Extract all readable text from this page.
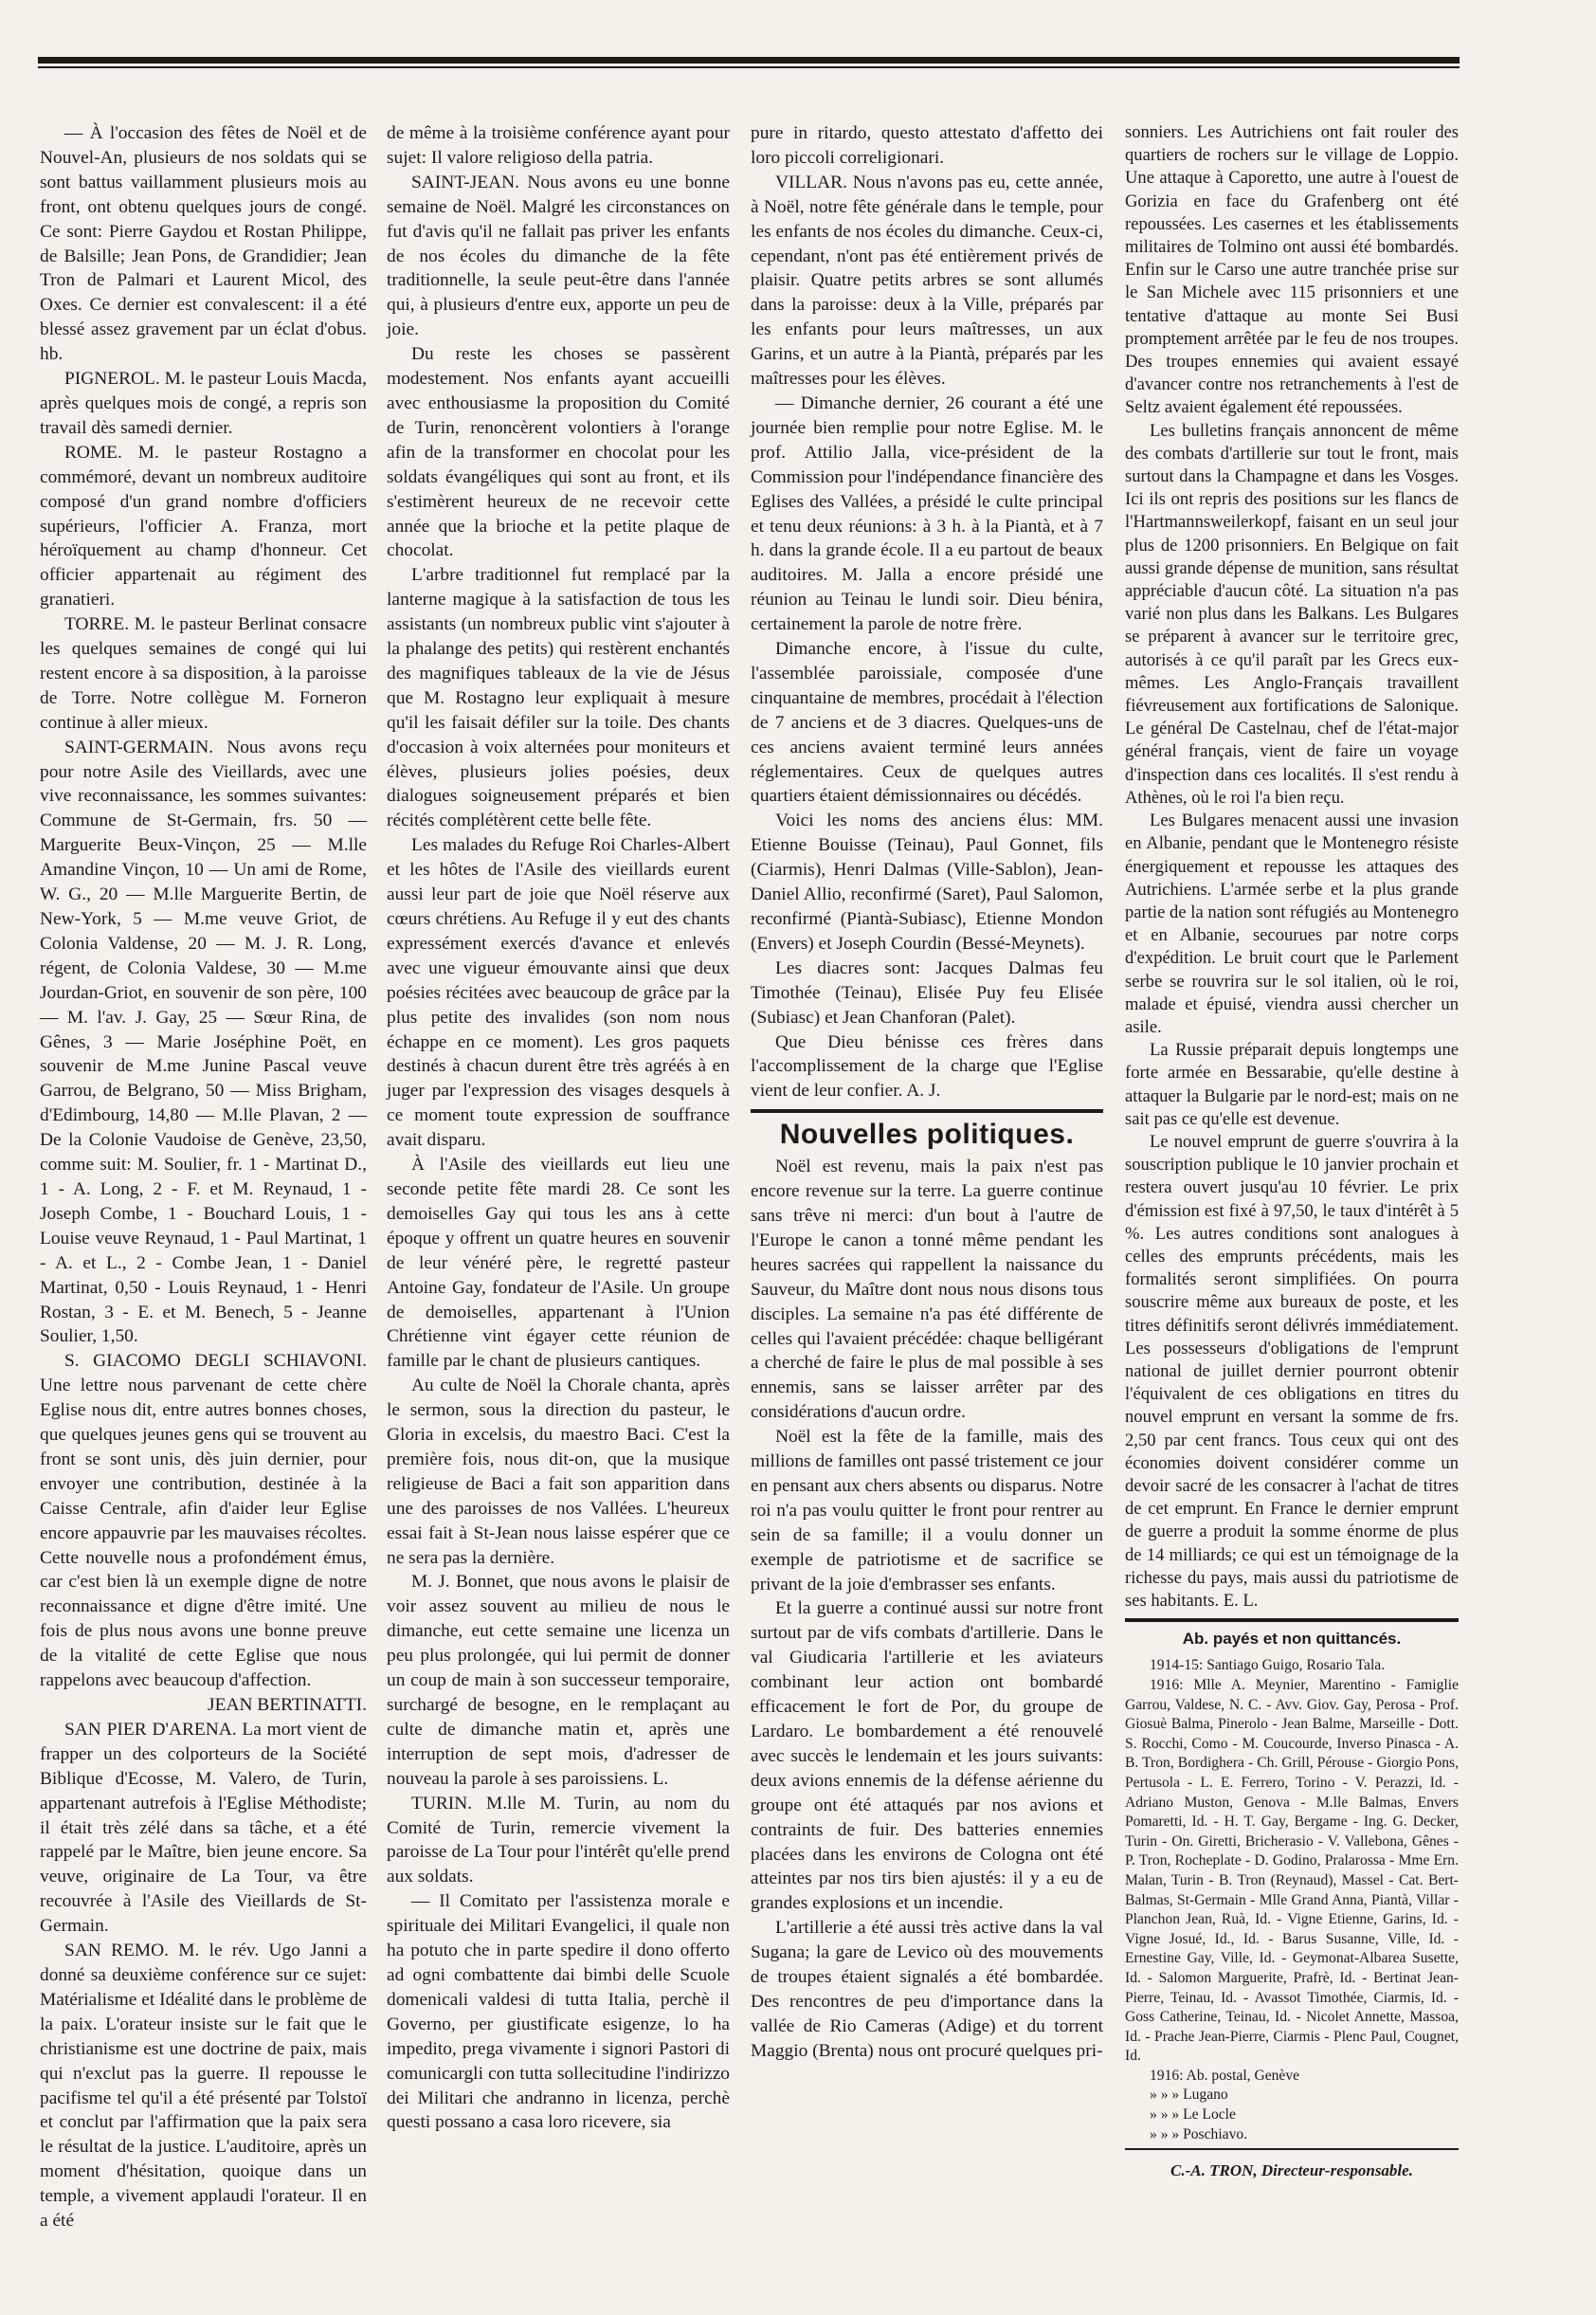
— À l'occasion des fêtes de Noël et de Nouvel-An, plusieurs de nos soldats qui se sont battus vaillamment plusieurs mois au front, ont obtenu quelques jours de congé. Ce sont: Pierre Gaydou et Rostan Philippe, de Balsille; Jean Pons, de Grandidier; Jean Tron de Palmari et Laurent Micol, des Oxes. Ce dernier est convalescent: il a été blessé assez gravement par un éclat d'obus. hb.

PIGNEROL. M. le pasteur Louis Macda, après quelques mois de congé, a repris son travail dès samedi dernier.

ROME. M. le pasteur Rostagno a commémoré, devant un nombreux auditoire composé d'un grand nombre d'officiers supérieurs, l'officier A. Franza, mort héroïquement au champ d'honneur. Cet officier appartenait au régiment des granatieri.

TORRE. M. le pasteur Berlinat consacre les quelques semaines de congé qui lui restent encore à sa disposition, à la paroisse de Torre. Notre collègue M. Forneron continue à aller mieux.

SAINT-GERMAIN. Nous avons reçu pour notre Asile des Vieillards, avec une vive reconnaissance, les sommes suivantes: Commune de St-Germain, frs. 50 — Marguerite Beux-Vinçon, 25 — M.lle Amandine Vinçon, 10 — Un ami de Rome, W. G., 20 — M.lle Marguerite Bertin, de New-York, 5 — M.me veuve Griot, de Colonia Valdense, 20 — M. J. R. Long, régent, de Colonia Valdese, 30 — M.me Jourdan-Griot, en souvenir de son père, 100 — M. l'av. J. Gay, 25 — Sœur Rina, de Gênes, 3 — Marie Joséphine Poët, en souvenir de M.me Junine Pascal veuve Garrou, de Belgrano, 50 — Miss Brigham, d'Edimbourg, 14,80 — M.lle Plavan, 2 — De la Colonie Vaudoise de Genève, 23,50, comme suit: M. Soulier, fr. 1 - Martinat D., 1 - A. Long, 2 - F. et M. Reynaud, 1 - Joseph Combe, 1 - Bouchard Louis, 1 - Louise veuve Reynaud, 1 - Paul Martinat, 1 - A. et L., 2 - Combe Jean, 1 - Daniel Martinat, 0,50 - Louis Reynaud, 1 - Henri Rostan, 3 - E. et M. Benech, 5 - Jeanne Soulier, 1,50.

S. GIACOMO DEGLI SCHIAVONI. Une lettre nous parvenant de cette chère Eglise nous dit, entre autres bonnes choses, que quelques jeunes gens qui se trouvent au front se sont unis, dès juin dernier, pour envoyer une contribution, destinée à la Caisse Centrale, afin d'aider leur Eglise encore appauvrie par les mauvaises récoltes. Cette nouvelle nous a profondément émus, car c'est bien là un exemple digne de notre reconnaissance et digne d'être imité. Une fois de plus nous avons une bonne preuve de la vitalité de cette Eglise que nous rappelons avec beaucoup d'affection.

JEAN BERTINATTI.

SAN PIER D'ARENA. La mort vient de frapper un des colporteurs de la Société Biblique d'Ecosse, M. Valero, de Turin, appartenant autrefois à l'Eglise Méthodiste; il était très zélé dans sa tâche, et a été rappelé par le Maître, bien jeune encore. Sa veuve, originaire de La Tour, va être recouvrée à l'Asile des Vieillards de St-Germain.

SAN REMO. M. le rév. Ugo Janni a donné sa deuxième conférence sur ce sujet: Matérialisme et Idéalité dans le problème de la paix. L'orateur insiste sur le fait que le christianisme est une doctrine de paix, mais qui n'exclut pas la guerre. Il repousse le pacifisme tel qu'il a été présenté par Tolstoï et conclut par l'affirmation que la paix sera le résultat de la justice. L'auditoire, après un moment d'hésitation, quoique dans un temple, a vivement applaudi l'orateur. Il en a été

de même à la troisième conférence ayant pour sujet: Il valore religioso della patria.

SAINT-JEAN. Nous avons eu une bonne semaine de Noël. Malgré les circonstances on fut d'avis qu'il ne fallait pas priver les enfants de nos écoles du dimanche de la fête traditionnelle, la seule peut-être dans l'année qui, à plusieurs d'entre eux, apporte un peu de joie.

Du reste les choses se passèrent modestement. Nos enfants ayant accueilli avec enthousiasme la proposition du Comité de Turin, renoncèrent volontiers à l'orange afin de la transformer en chocolat pour les soldats évangéliques qui sont au front, et ils s'estimèrent heureux de ne recevoir cette année que la brioche et la petite plaque de chocolat.

L'arbre traditionnel fut remplacé par la lanterne magique à la satisfaction de tous les assistants (un nombreux public vint s'ajouter à la phalange des petits) qui restèrent enchantés des magnifiques tableaux de la vie de Jésus que M. Rostagno leur expliquait à mesure qu'il les faisait défiler sur la toile. Des chants d'occasion à voix alternées pour moniteurs et élèves, plusieurs jolies poésies, deux dialogues soigneusement préparés et bien récités complétèrent cette belle fête.

Les malades du Refuge Roi Charles-Albert et les hôtes de l'Asile des vieillards eurent aussi leur part de joie que Noël réserve aux cœurs chrétiens. Au Refuge il y eut des chants expressément exercés d'avance et enlevés avec une vigueur émouvante ainsi que deux poésies récitées avec beaucoup de grâce par la plus petite des invalides (son nom nous échappe en ce moment). Les gros paquets destinés à chacun durent être très agréés à en juger par l'expression des visages desquels à ce moment toute expression de souffrance avait disparu.

À l'Asile des vieillards eut lieu une seconde petite fête mardi 28. Ce sont les demoiselles Gay qui tous les ans à cette époque y offrent un quatre heures en souvenir de leur vénéré père, le regretté pasteur Antoine Gay, fondateur de l'Asile. Un groupe de demoiselles, appartenant à l'Union Chrétienne vint égayer cette réunion de famille par le chant de plusieurs cantiques.

Au culte de Noël la Chorale chanta, après le sermon, sous la direction du pasteur, le Gloria in excelsis, du maestro Baci. C'est la première fois, nous dit-on, que la musique religieuse de Baci a fait son apparition dans une des paroisses de nos Vallées. L'heureux essai fait à St-Jean nous laisse espérer que ce ne sera pas la dernière.

M. J. Bonnet, que nous avons le plaisir de voir assez souvent au milieu de nous le dimanche, eut cette semaine une licenza un peu plus prolongée, qui lui permit de donner un coup de main à son successeur temporaire, surchargé de besogne, en le remplaçant au culte de dimanche matin et, après une interruption de sept mois, d'adresser de nouveau la parole à ses paroissiens. L.

TURIN. M.lle M. Turin, au nom du Comité de Turin, remercie vivement la paroisse de La Tour pour l'intérêt qu'elle prend aux soldats.

— Il Comitato per l'assistenza morale e spirituale dei Militari Evangelici, il quale non ha potuto che in parte spedire il dono offerto ad ogni combattente dai bimbi delle Scuole domenicali valdesi di tutta Italia, perchè il Governo, per giustificate esigenze, lo ha impedito, prega vivamente i signori Pastori di comunicargli con tutta sollecitudine l'indirizzo dei Militari che andranno in licenza, perchè questi possano a casa loro ricevere, sia

pure in ritardo, questo attestato d'affetto dei loro piccoli correligionari.

VILLAR. Nous n'avons pas eu, cette année, à Noël, notre fête générale dans le temple, pour les enfants de nos écoles du dimanche. Ceux-ci, cependant, n'ont pas été entièrement privés de plaisir. Quatre petits arbres se sont allumés dans la paroisse: deux à la Ville, préparés par les enfants pour leurs maîtresses, un aux Garins, et un autre à la Piantà, préparés par les maîtresses pour les élèves.

— Dimanche dernier, 26 courant a été une journée bien remplie pour notre Eglise. M. le prof. Attilio Jalla, vice-président de la Commission pour l'indépendance financière des Eglises des Vallées, a présidé le culte principal et tenu deux réunions: à 3 h. à la Piantà, et à 7 h. dans la grande école. Il a eu partout de beaux auditoires. M. Jalla a encore présidé une réunion au Teinau le lundi soir. Dieu bénira, certainement la parole de notre frère.

Dimanche encore, à l'issue du culte, l'assemblée paroissiale, composée d'une cinquantaine de membres, procédait à l'élection de 7 anciens et de 3 diacres. Quelques-uns de ces anciens avaient terminé leurs années réglementaires. Ceux de quelques autres quartiers étaient démissionnaires ou décédés.

Voici les noms des anciens élus: MM. Etienne Bouisse (Teinau), Paul Gonnet, fils (Ciarmis), Henri Dalmas (Ville-Sablon), Jean-Daniel Allio, reconfirmé (Saret), Paul Salomon, reconfirmé (Piantà-Subiasc), Etienne Mondon (Envers) et Joseph Courdin (Bessé-Meynets).

Les diacres sont: Jacques Dalmas feu Timothée (Teinau), Elisée Puy feu Elisée (Subiasc) et Jean Chanforan (Palet).

Que Dieu bénisse ces frères dans l'accomplissement de la charge que l'Eglise vient de leur confier. A. J.

Nouvelles politiques.

Noël est revenu, mais la paix n'est pas encore revenue sur la terre. La guerre continue sans trêve ni merci: d'un bout à l'autre de l'Europe le canon a tonné même pendant les heures sacrées qui rappellent la naissance du Sauveur, du Maître dont nous nous disons tous disciples. La semaine n'a pas été différente de celles qui l'avaient précédée: chaque belligérant a cherché de faire le plus de mal possible à ses ennemis, sans se laisser arrêter par des considérations d'aucun ordre.

Noël est la fête de la famille, mais des millions de familles ont passé tristement ce jour en pensant aux chers absents ou disparus. Notre roi n'a pas voulu quitter le front pour rentrer au sein de sa famille; il a voulu donner un exemple de patriotisme et de sacrifice se privant de la joie d'embrasser ses enfants.

Et la guerre a continué aussi sur notre front surtout par de vifs combats d'artillerie. Dans le val Giudicaria l'artillerie et les aviateurs combinant leur action ont bombardé efficacement le fort de Por, du groupe de Lardaro. Le bombardement a été renouvelé avec succès le lendemain et les jours suivants: deux avions ennemis de la défense aérienne du groupe ont été attaqués par nos avions et contraints de fuir. Des batteries ennemies placées dans les environs de Cologna ont été atteintes par nos tirs bien ajustés: il y a eu de grandes explosions et un incendie.

L'artillerie a été aussi très active dans la val Sugana; la gare de Levico où des mouvements de troupes étaient signalés a été bombardée. Des rencontres de peu d'importance dans la vallée de Rio Cameras (Adige) et du torrent Maggio (Brenta) nous ont procuré quelques pri-

sonniers. Les Autrichiens ont fait rouler des quartiers de rochers sur le village de Loppio. Une attaque à Caporetto, une autre à l'ouest de Gorizia en face du Grafenberg ont été repoussées. Les casernes et les établissements militaires de Tolmino ont aussi été bombardés. Enfin sur le Carso une autre tranchée prise sur le San Michele avec 115 prisonniers et une tentative d'attaque au monte Sei Busi promptement arrêtée par le feu de nos troupes. Des troupes ennemies qui avaient essayé d'avancer contre nos retranchements à l'est de Seltz avaient également été repoussées.

Les bulletins français annoncent de même des combats d'artillerie sur tout le front, mais surtout dans la Champagne et dans les Vosges. Ici ils ont repris des positions sur les flancs de l'Hartmannsweilerkopf, faisant en un seul jour plus de 1200 prisonniers. En Belgique on fait aussi grande dépense de munition, sans résultat appréciable d'aucun côté. La situation n'a pas varié non plus dans les Balkans. Les Bulgares se préparent à avancer sur le territoire grec, autorisés à ce qu'il paraît par les Grecs eux-mêmes. Les Anglo-Français travaillent fiévreusement aux fortifications de Salonique. Le général De Castelnau, chef de l'état-major général français, vient de faire un voyage d'inspection dans ces localités. Il s'est rendu à Athènes, où le roi l'a bien reçu.

Les Bulgares menacent aussi une invasion en Albanie, pendant que le Montenegro résiste énergiquement et repousse les attaques des Autrichiens. L'armée serbe et la plus grande partie de la nation sont réfugiés au Montenegro et en Albanie, secourues par notre corps d'expédition. Le bruit court que le Parlement serbe se rouvrira sur le sol italien, où le roi, malade et épuisé, viendra aussi chercher un asile.

La Russie préparait depuis longtemps une forte armée en Bessarabie, qu'elle destine à attaquer la Bulgarie par le nord-est; mais on ne sait pas ce qu'elle est devenue.

Le nouvel emprunt de guerre s'ouvrira à la souscription publique le 10 janvier prochain et restera ouvert jusqu'au 10 février. Le prix d'émission est fixé à 97,50, le taux d'intérêt à 5 %. Les autres conditions sont analogues à celles des emprunts précédents, mais les formalités seront simplifiées. On pourra souscrire même aux bureaux de poste, et les titres définitifs seront délivrés immédiatement. Les possesseurs d'obligations de l'emprunt national de juillet dernier pourront obtenir l'équivalent de ces obligations en titres du nouvel emprunt en versant la somme de frs. 2,50 par cent francs. Tous ceux qui ont des économies doivent considérer comme un devoir sacré de les consacrer à l'achat de titres de cet emprunt. En France le dernier emprunt de guerre a produit la somme énorme de plus de 14 milliards; ce qui est un témoignage de la richesse du pays, mais aussi du patriotisme de ses habitants. E. L.

Ab. payés et non quittancés.

1914-15: Santiago Guigo, Rosario Tala.

1916: Mlle A. Meynier, Marentino - Famiglie Garrou, Valdese, N. C. - Avv. Giov. Gay, Perosa - Prof. Giosuè Balma, Pinerolo - Jean Balme, Marseille - Dott. S. Rocchi, Como - M. Coucourde, Inverso Pinasca - A. B. Tron, Bordighera - Ch. Grill, Pérouse - Giorgio Pons, Pertusola - L. E. Ferrero, Torino - V. Perazzi, Id. - Adriano Muston, Genova - M.lle Balmas, Envers Pomaretti, Id. - H. T. Gay, Bergame - Ing. G. Decker, Turin - On. Giretti, Bricherasio - V. Vallebona, Gênes - P. Tron, Rocheplate - D. Godino, Pralarossa - Mme Ern. Malan, Turin - B. Tron (Reynaud), Massel - Cat. Bert-Balmas, St-Germain - Mlle Grand Anna, Piantà, Villar - Planchon Jean, Ruà, Id. - Vigne Etienne, Garins, Id. - Vigne Josué, Id., Id. - Barus Susanne, Ville, Id. - Ernestine Gay, Ville, Id. - Geymonat-Albarea Susette, Id. - Salomon Marguerite, Prafrè, Id. - Bertinat Jean-Pierre, Teinau, Id. - Avassot Timothée, Ciarmis, Id. - Goss Catherine, Teinau, Id. - Nicolet Annette, Massoa, Id. - Prache Jean-Pierre, Ciarmis - Plenc Paul, Cougnet, Id.

1916: Ab. postal, Genève

» » » Lugano

» » » Le Locle

» » » Poschiavo.

C.-A. TRON, Directeur-responsable.
